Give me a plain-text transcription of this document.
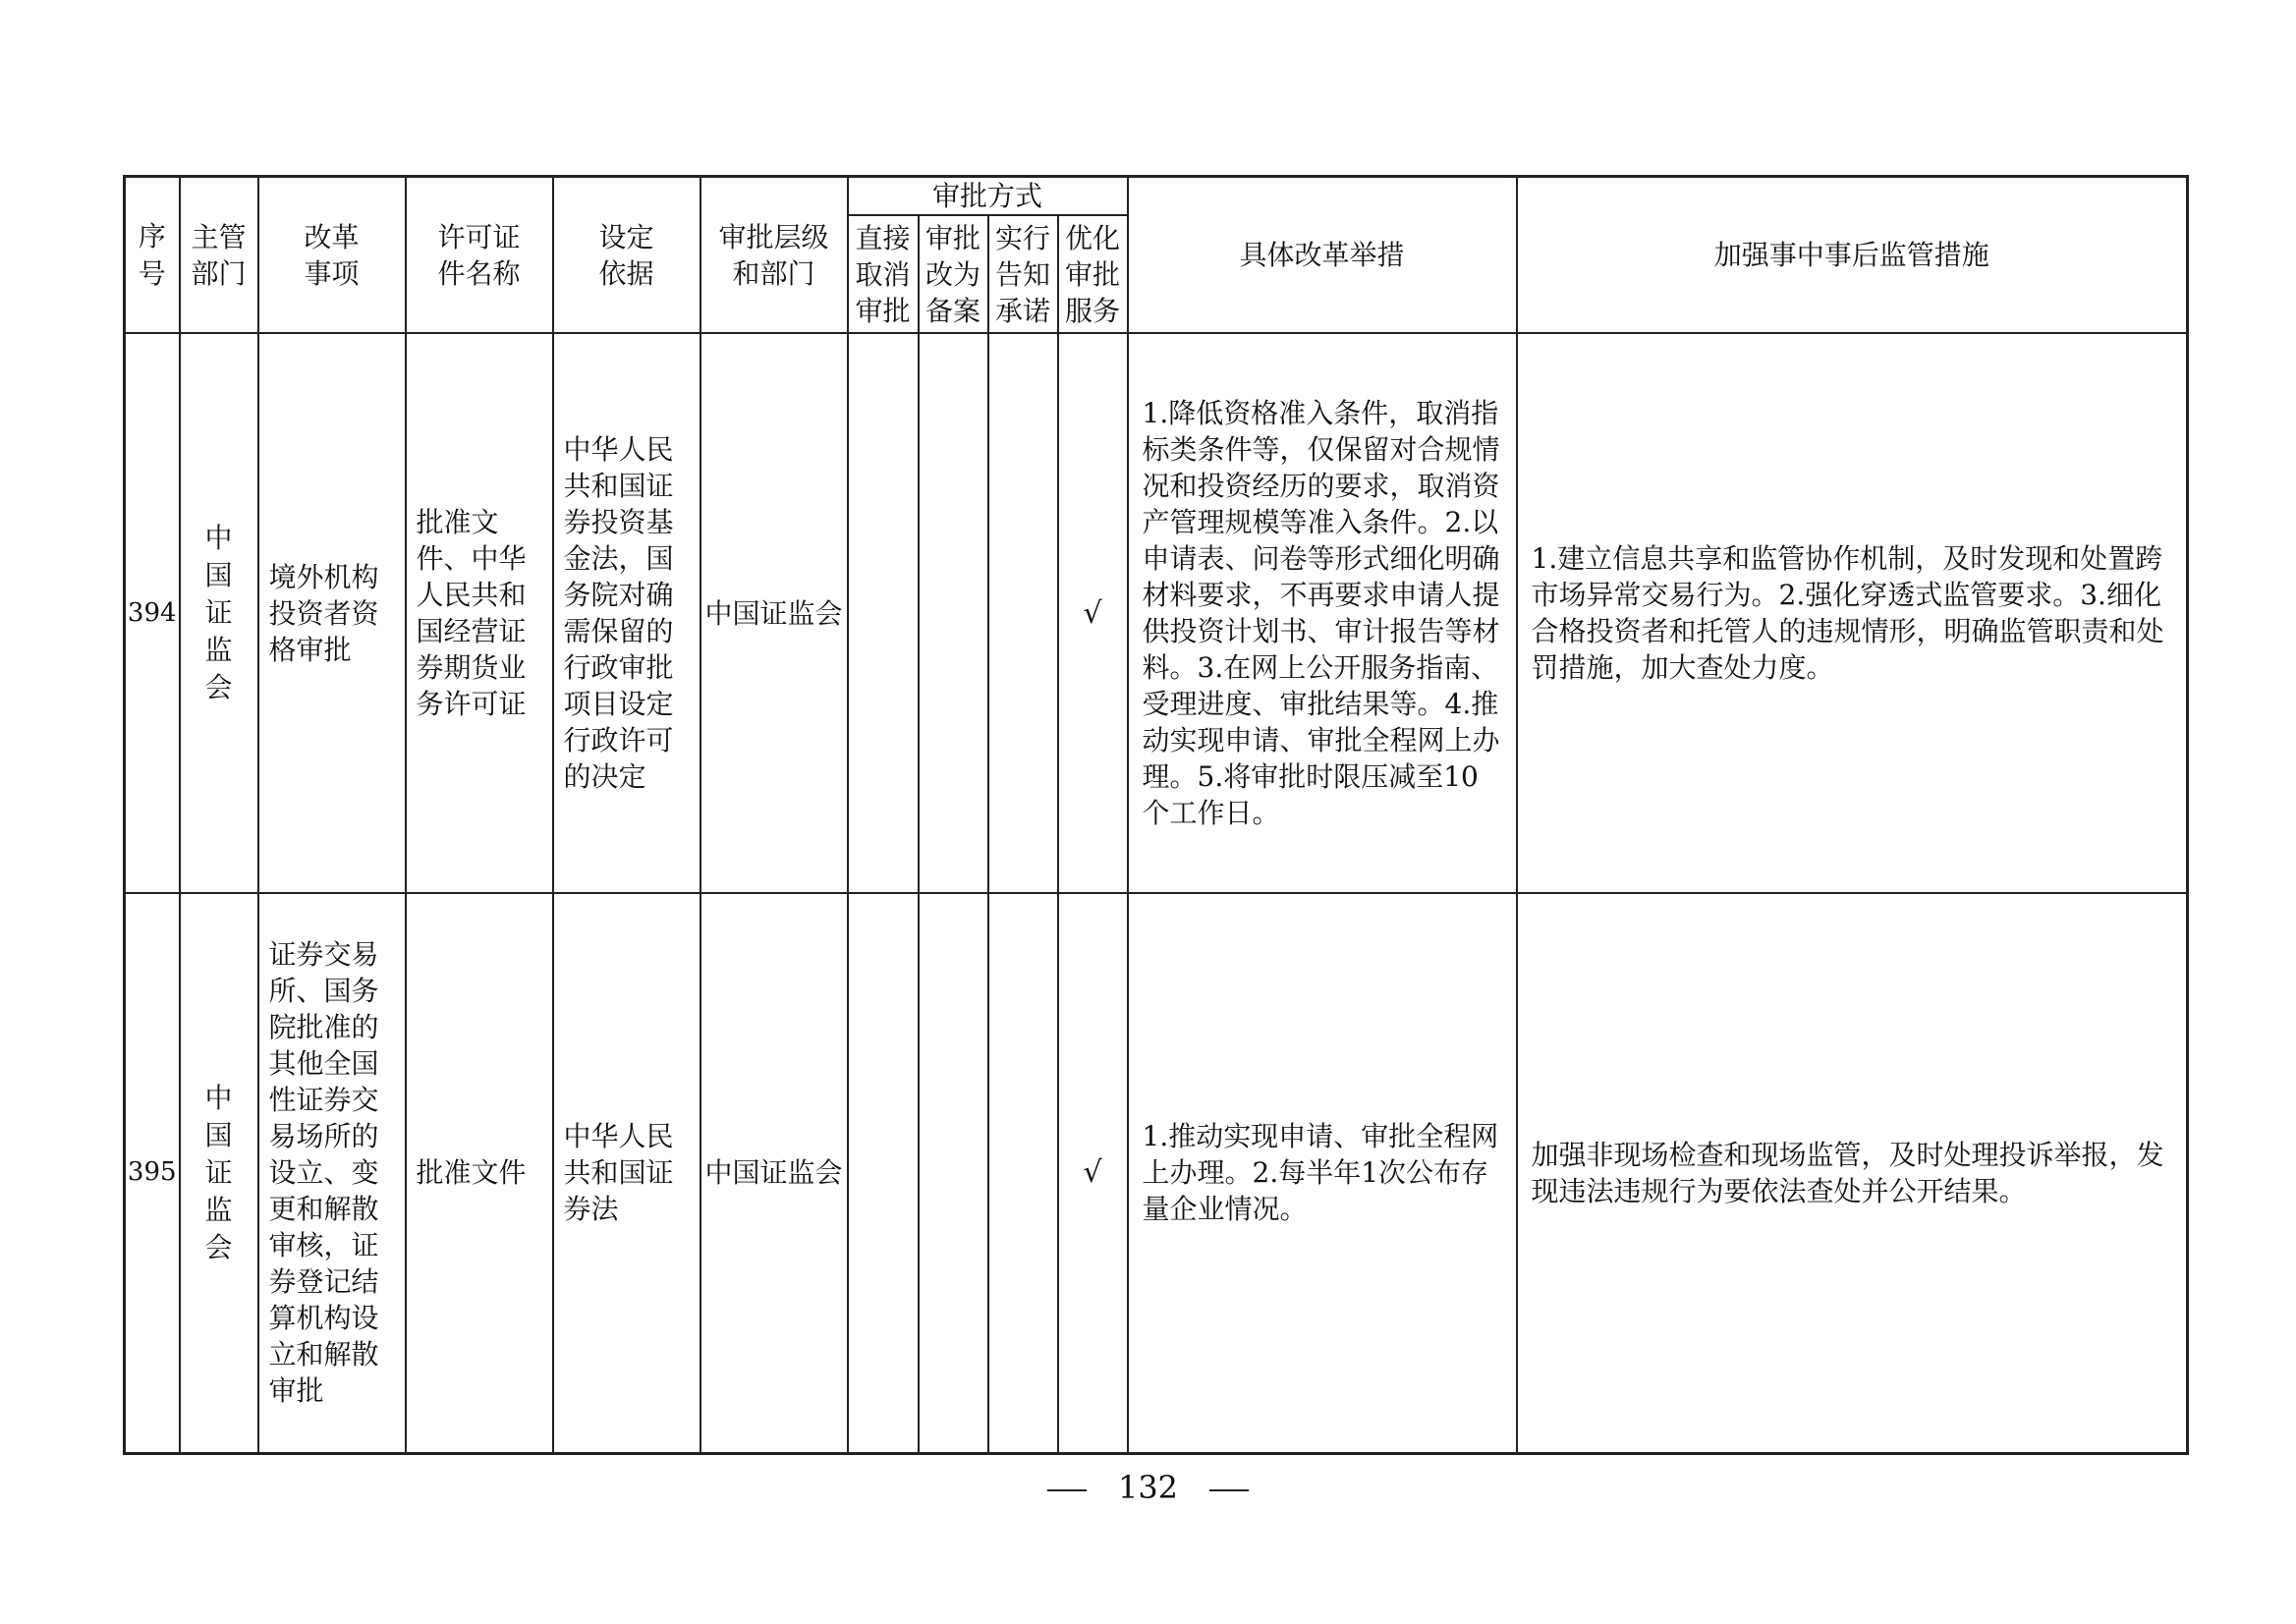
序号	主管部门	改革事项	许可证件名称	设定依据	审批层级和部门	审批方式				具体改革举措	加强事中事后监管措施

						直接取消审批	审批改为备案	实行告知承诺	优化审批服务		

394	中国证监会	境外机构投资者资格审批	批准文件、中华人民共和国经营证券期货业务许可证	中华人民共和国证券投资基金法，国务院对确需保留的行政审批项目设定行政许可的决定	中国证监会				√	1.降低资格准入条件，取消指标类条件等，仅保留对合规情况和投资经历的要求，取消资产管理规模等准入条件。2.以申请表、问卷等形式细化明确材料要求，不再要求申请人提供投资计划书、审计报告等材料。3.在网上公开服务指南、受理进度、审批结果等。4.推动实现申请、审批全程网上办理。5.将审批时限压减至10个工作日。	1.建立信息共享和监管协作机制，及时发现和处置跨市场异常交易行为。2.强化穿透式监管要求。3.细化合格投资者和托管人的违规情形，明确监管职责和处罚措施，加大查处力度。
395	中国证监会	证券交易所、国务院批准的其他全国性证券交易场所的设立、变更和解散审核，证券登记结算机构设立和解散审批	批准文件	中华人民共和国证券法	中国证监会				√	1.推动实现申请、审批全程网上办理。2.每半年1次公布存量企业情况。	加强非现场检查和现场监管，及时处理投诉举报，发现违法违规行为要依法查处并公开结果。
132
